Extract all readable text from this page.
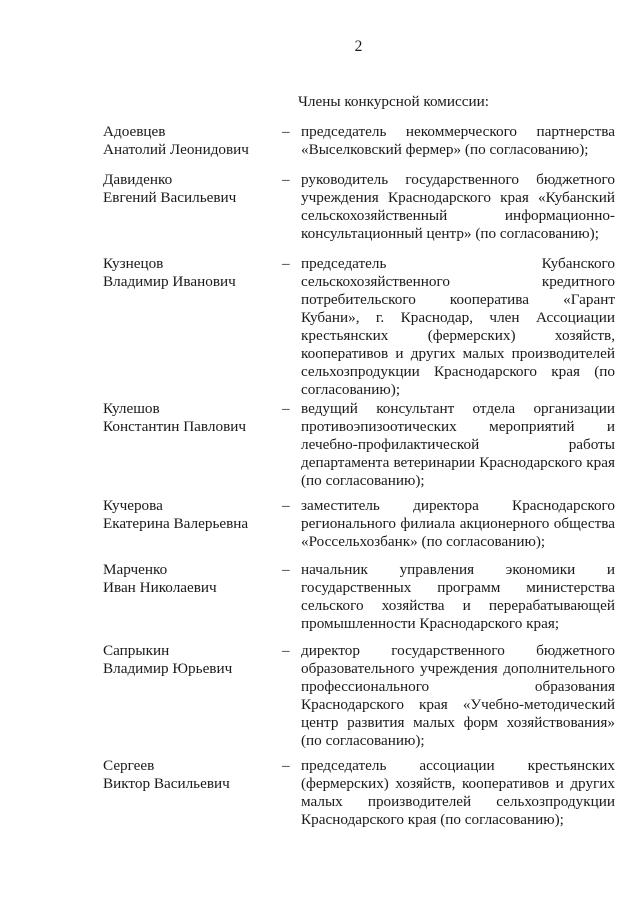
2
Члены конкурсной комиссии:
Адоевцев
Анатолий Леонидович
– председатель некоммерческого партнерства
«Выселковский фермер» (по согласованию);
Давиденко
Евгений Васильевич
– руководитель государственного бюджетного
учреждения Краснодарского края «Кубанский
сельскохозяйственный информационно-
консультационный центр» (по согласованию);
Кузнецов
Владимир Иванович
– председатель Кубанского
сельскохозяйственного кредитного
потребительского кооператива «Гарант
Кубани», г. Краснодар, член Ассоциации
крестьянских (фермерских) хозяйств,
кооперативов и других малых производителей
сельхозпродукции Краснодарского края (по
согласованию);
Кулешов
Константин Павлович
– ведущий консультант отдела организации
противоэпизоотических мероприятий и
лечебно-профилактической работы
департамента ветеринарии Краснодарского края
(по согласованию);
Кучерова
Екатерина Валерьевна
– заместитель директора Краснодарского
регионального филиала акционерного общества
«Россельхозбанк» (по согласованию);
Марченко
Иван Николаевич
– начальник управления экономики и
государственных программ министерства
сельского хозяйства и перерабатывающей
промышленности Краснодарского края;
Сапрыкин
Владимир Юрьевич
– директор государственного бюджетного
образовательного учреждения дополнительного
профессионального образования
Краснодарского края «Учебно-методический
центр развития малых форм хозяйствования»
(по согласованию);
Сергеев
Виктор Васильевич
– председатель ассоциации крестьянских
(фермерских) хозяйств, кооперативов и других
малых производителей сельхозпродукции
Краснодарского края (по согласованию);
